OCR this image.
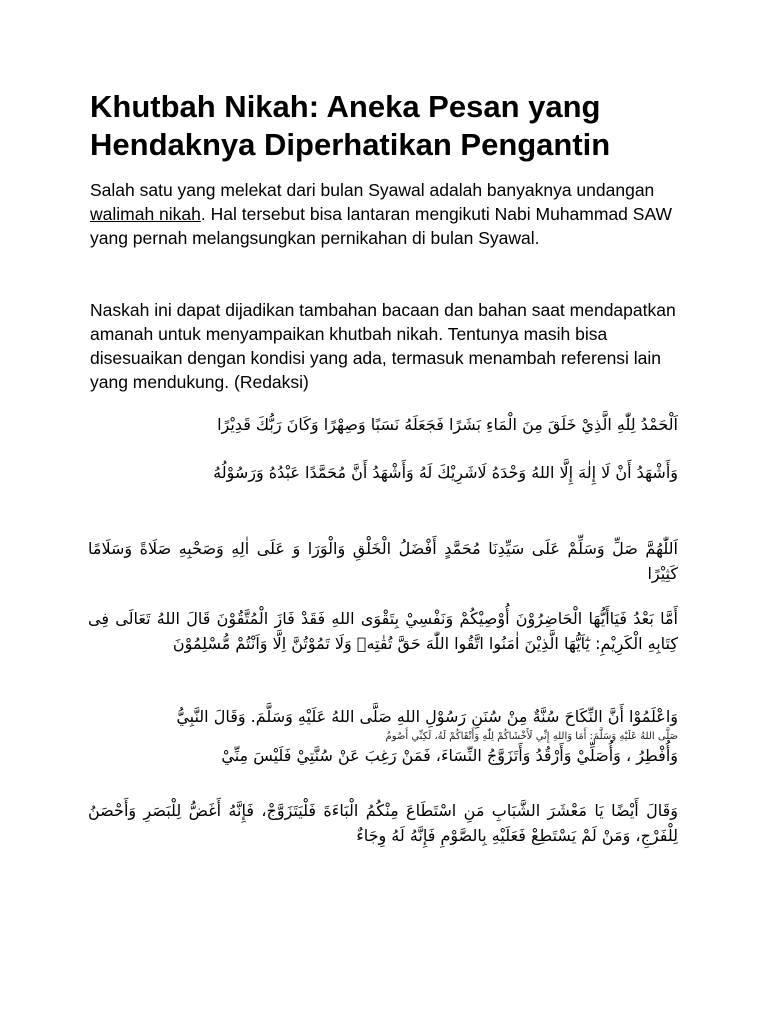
Khutbah Nikah: Aneka Pesan yang Hendaknya Diperhatikan Pengantin

Salah satu yang melekat dari bulan Syawal adalah banyaknya undangan walimah nikah. Hal tersebut bisa lantaran mengikuti Nabi Muhammad SAW yang pernah melangsungkan pernikahan di bulan Syawal.

Naskah ini dapat dijadikan tambahan bacaan dan bahan saat mendapatkan amanah untuk menyampaikan khutbah nikah. Tentunya masih bisa disesuaikan dengan kondisi yang ada, termasuk menambah referensi lain yang mendukung. (Redaksi)

اَلْحَمْدُ لِلّٰهِ الَّذِيْ خَلَقَ مِنَ الْمَاءِ بَشَرًا فَجَعَلَهُ نَسَبًا وَصِهْرًا وَكَانَ رَبُّكَ قَدِيْرًا

وَأَشْهَدُ أَنْ لَا إِلٰهَ إِلَّا اللهُ وَحْدَهُ لَاشَرِيْكَ لَهُ وَأَشْهَدُ أَنَّ مُحَمَّدًا عَبْدُهُ وَرَسُوْلُهُ

اَللّٰهُمَّ صَلِّ وَسَلِّمْ عَلَى سَيِّدِنَا مُحَمَّدٍ أَفْضَلُ الْخَلْقِ وَالْوَرَا وَ عَلَى اٰلِهِ وَصَحْبِهِ صَلَاةً وَسَلَامًا كَثِيْرًا

أَمَّا بَعْدُ فَيَاأَيُّهَا الْحَاضِرُوْنَ أُوْصِيْكُمْ وَنَفْسِيْ بِتَقْوَى اللهِ فَقَدْ فَازَ الْمُتَّقُوْنَ قَالَ اللهُ تَعَالَى فِى كِتَابِهِ الْكَرِيْمِ: يٰٓاَيُّهَا الَّذِيْنَ اٰمَنُوا اتَّقُوا اللّٰهَ حَقَّ تُقٰتِهٖ وَلَا تَمُوْتُنَّ اِلَّا وَاَنْتُمْ مُّسْلِمُوْنَ

وَاعْلَمُوْا أَنَّ النِّكَاحَ سُنَّةٌ مِنْ سُنَنِ رَسُوْلِ اللهِ صَلَّى اللهُ عَلَيْهِ وَسَلَّمَ. وَقَالَ النَّبِيُّ
صَلَّى اللهُ عَلَيْهِ وَسَلَّمَ: أَمَا وَاللهِ إِنِّي لَأَخْشَاكُمْ لِلّٰهِ وَأَتْقَاكُمْ لَهُ، لَكِنِّي أَصُومُ
وَأُفْطِرُ ، وَأُصَلِّيْ وَأَرْقُدُ وَأَتَزَوَّجُ النِّسَاءَ، فَمَنْ رَغِبَ عَنْ سُنَّتِيْ فَلَيْسَ مِنِّيْ

وَقَالَ أَيْضًا يَا مَعْشَرَ الشَّبَابِ مَنِ اسْتَطَاعَ مِنْكُمُ الْبَاءَةَ فَلْيَتَزَوَّجْ، فَإِنَّهُ أَغَضُّ لِلْبَصَرِ وَأَحْصَنُ لِلْفَرْجِ، وَمَنْ لَمْ يَسْتَطِعْ فَعَلَيْهِ بِالصَّوْمِ فَإِنَّهُ لَهُ وِجَاءٌ
